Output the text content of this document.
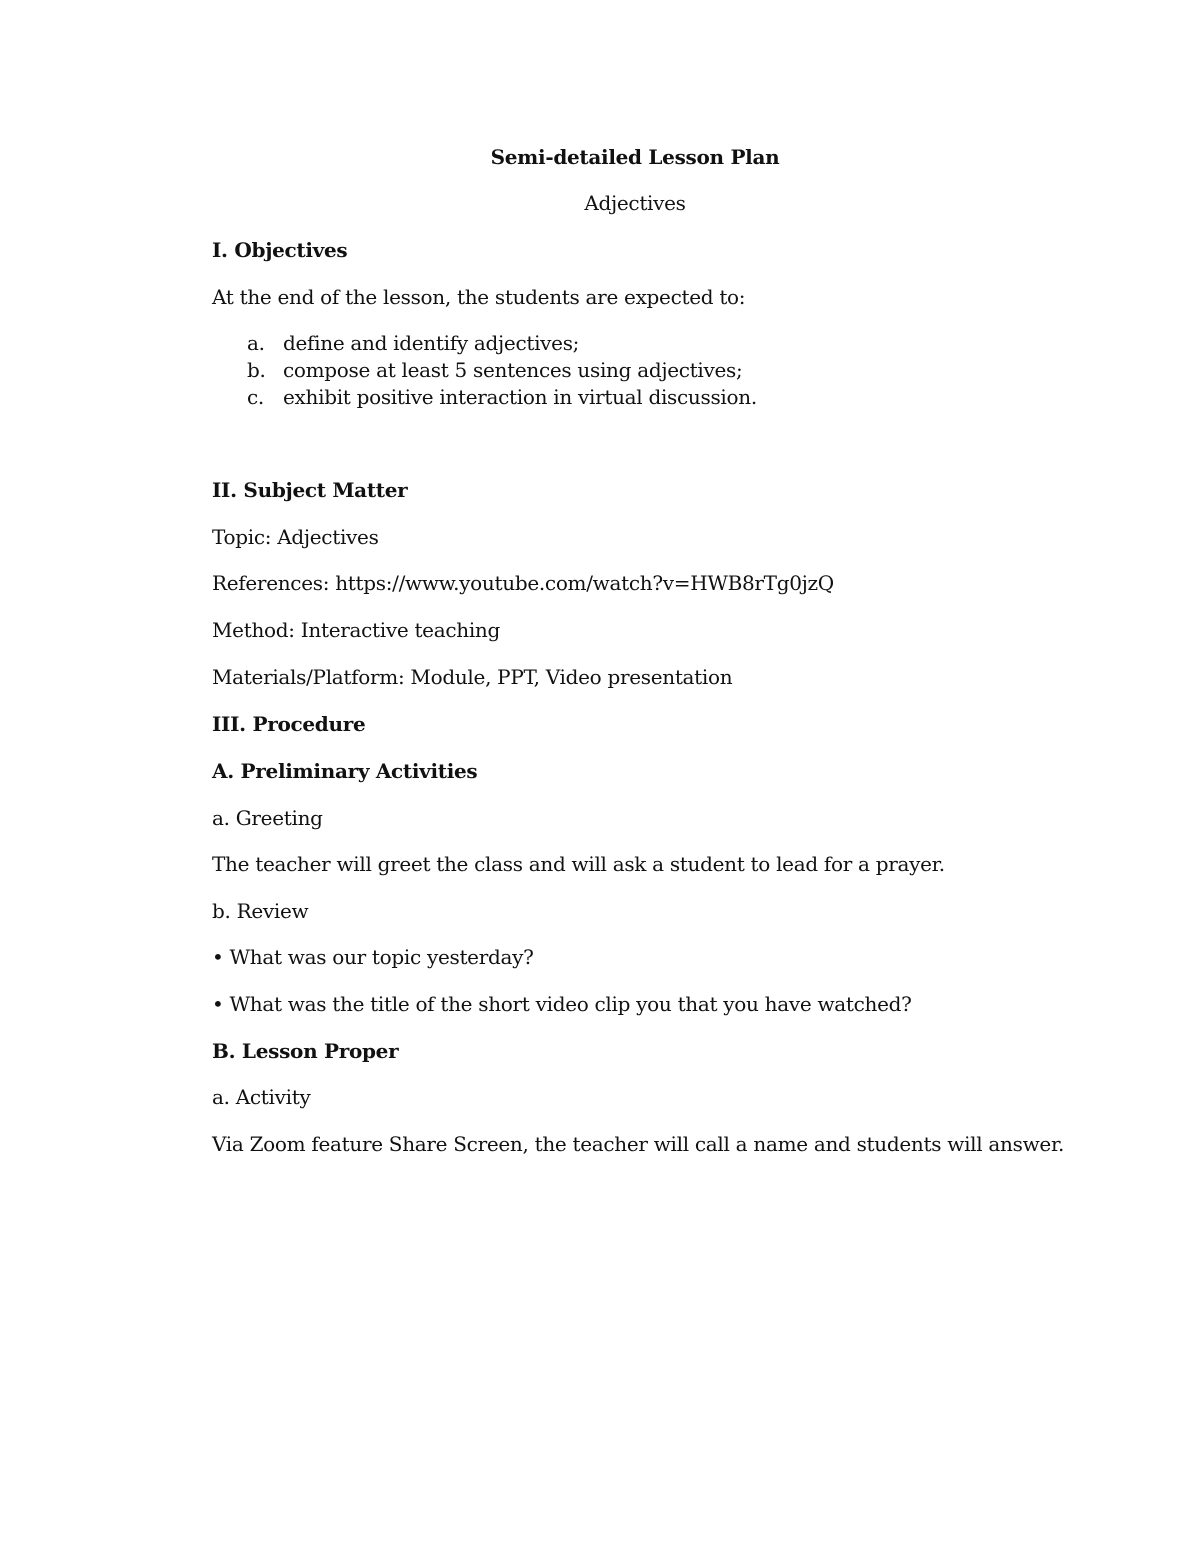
Semi-detailed Lesson Plan
Adjectives
I. Objectives
At the end of the lesson, the students are expected to:
a. define and identify adjectives;
b. compose at least 5 sentences using adjectives;
c. exhibit positive interaction in virtual discussion.
II. Subject Matter
Topic: Adjectives
References: https://www.youtube.com/watch?v=HWB8rTg0jzQ
Method: Interactive teaching
Materials/Platform: Module, PPT, Video presentation
III. Procedure
A. Preliminary Activities
a. Greeting
The teacher will greet the class and will ask a student to lead for a prayer.
b. Review
• What was our topic yesterday?
• What was the title of the short video clip you that you have watched?
B. Lesson Proper
a. Activity
Via Zoom feature Share Screen, the teacher will call a name and students will answer.
